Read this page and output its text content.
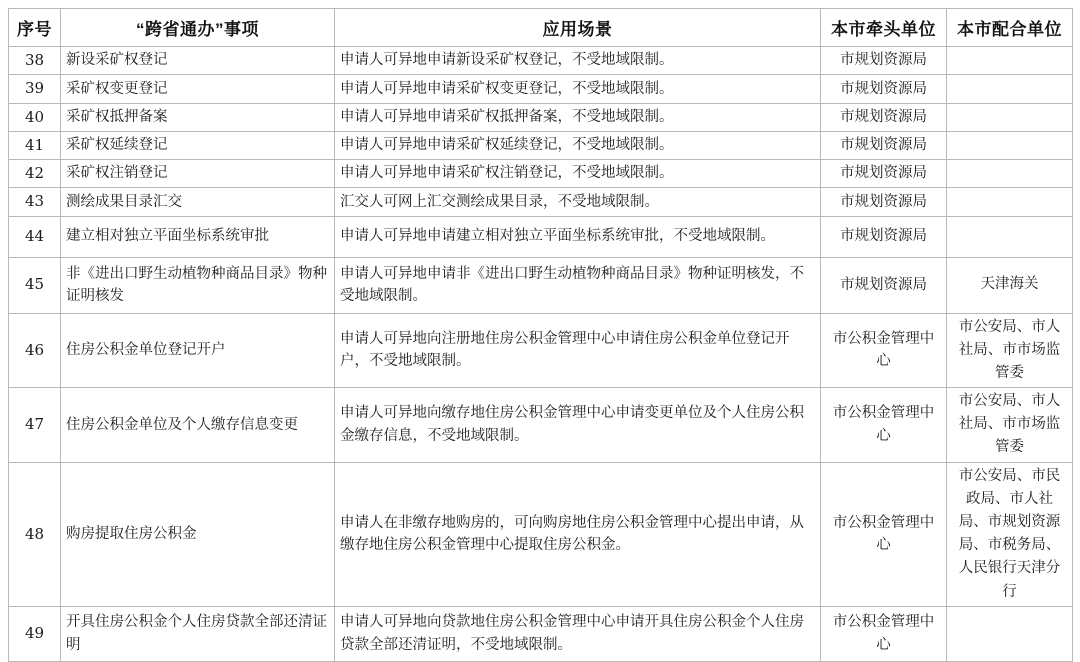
序号	“跨省通办”事项	应用场景	本市牵头单位	本市配合单位
38	新设采矿权登记	申请人可异地申请新设采矿权登记，不受地域限制。	市规划资源局	
39	采矿权变更登记	申请人可异地申请采矿权变更登记，不受地域限制。	市规划资源局	
40	采矿权抵押备案	申请人可异地申请采矿权抵押备案，不受地域限制。	市规划资源局	
41	采矿权延续登记	申请人可异地申请采矿权延续登记，不受地域限制。	市规划资源局	
42	采矿权注销登记	申请人可异地申请采矿权注销登记，不受地域限制。	市规划资源局	
43	测绘成果目录汇交	汇交人可网上汇交测绘成果目录，不受地域限制。	市规划资源局	
44	建立相对独立平面坐标系统审批	申请人可异地申请建立相对独立平面坐标系统审批，不受地域限制。	市规划资源局	
45	非《进出口野生动植物种商品目录》物种证明核发	申请人可异地申请非《进出口野生动植物种商品目录》物种证明核发，不受地域限制。	市规划资源局	天津海关
46	住房公积金单位登记开户	申请人可异地向注册地住房公积金管理中心申请住房公积金单位登记开户，不受地域限制。	市公积金管理中心	市公安局、市人社局、市市场监管委
47	住房公积金单位及个人缴存信息变更	申请人可异地向缴存地住房公积金管理中心申请变更单位及个人住房公积金缴存信息，不受地域限制。	市公积金管理中心	市公安局、市人社局、市市场监管委
48	购房提取住房公积金	申请人在非缴存地购房的，可向购房地住房公积金管理中心提出申请，从缴存地住房公积金管理中心提取住房公积金。	市公积金管理中心	市公安局、市民政局、市人社局、市规划资源局、市税务局、人民银行天津分行
49	开具住房公积金个人住房贷款全部还清证明	申请人可异地向贷款地住房公积金管理中心申请开具住房公积金个人住房贷款全部还清证明，不受地域限制。	市公积金管理中心	
